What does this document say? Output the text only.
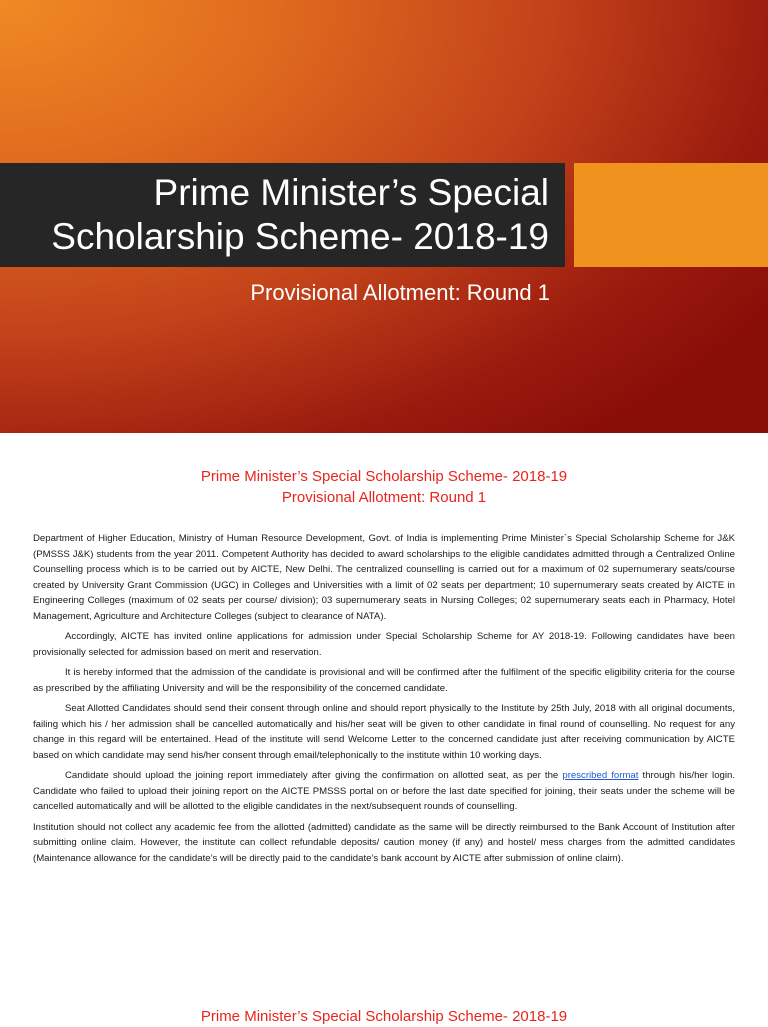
Prime Minister’s Special
Scholarship Scheme- 2018-19
Provisional Allotment: Round 1
Prime Minister’s Special Scholarship Scheme- 2018-19
Provisional Allotment: Round 1

Department of Higher Education, Ministry of Human Resource Development, Govt. of India is implementing Prime Minister`s Special Scholarship Scheme for J&K (PMSSS J&K) students from the year 2011. Competent Authority has decided to award scholarships to the eligible candidates admitted through a Centralized Online Counselling process which is to be carried out by AICTE, New Delhi. The centralized counselling is carried out for a maximum of 02 supernumerary seats/course created by University Grant Commission (UGC) in Colleges and Universities with a limit of 02 seats per department; 10 supernumerary seats created by AICTE in Engineering Colleges (maximum of 02 seats per course/ division); 03 supernumerary seats in Nursing Colleges; 02 supernumerary seats each in Pharmacy, Hotel Management, Agriculture and Architecture Colleges (subject to clearance of NATA).

Accordingly, AICTE has invited online applications for admission under Special Scholarship Scheme for AY 2018-19. Following candidates have been provisionally selected for admission based on merit and reservation.

It is hereby informed that the admission of the candidate is provisional and will be confirmed after the fulfilment of the specific eligibility criteria for the course as prescribed by the affiliating University and will be the responsibility of the concerned candidate.

Seat Allotted Candidates should send their consent through online and should report physically to the Institute by 25th July, 2018 with all original documents, failing which his / her admission shall be cancelled automatically and his/her seat will be given to other candidate in final round of counselling. No request for any change in this regard will be entertained. Head of the institute will send Welcome Letter to the concerned candidate just after receiving communication by AICTE based on which candidate may send his/her consent through email/telephonically to the institute within 10 working days.

Candidate should upload the joining report immediately after giving the confirmation on allotted seat, as per the prescribed format through his/her login. Candidate who failed to upload their joining report on the AICTE PMSSS portal on or before the last date specified for joining, their seats under the scheme will be cancelled automatically and will be allotted to the eligible candidates in the next/subsequent rounds of counselling.

Institution should not collect any academic fee from the allotted (admitted) candidate as the same will be directly reimbursed to the Bank Account of Institution after submitting online claim. However, the institute can collect refundable deposits/ caution money (if any) and hostel/ mess charges from the admitted candidates (Maintenance allowance for the candidate’s will be directly paid to the candidate’s bank account by AICTE after submission of online claim).

Prime Minister’s Special Scholarship Scheme- 2018-19
